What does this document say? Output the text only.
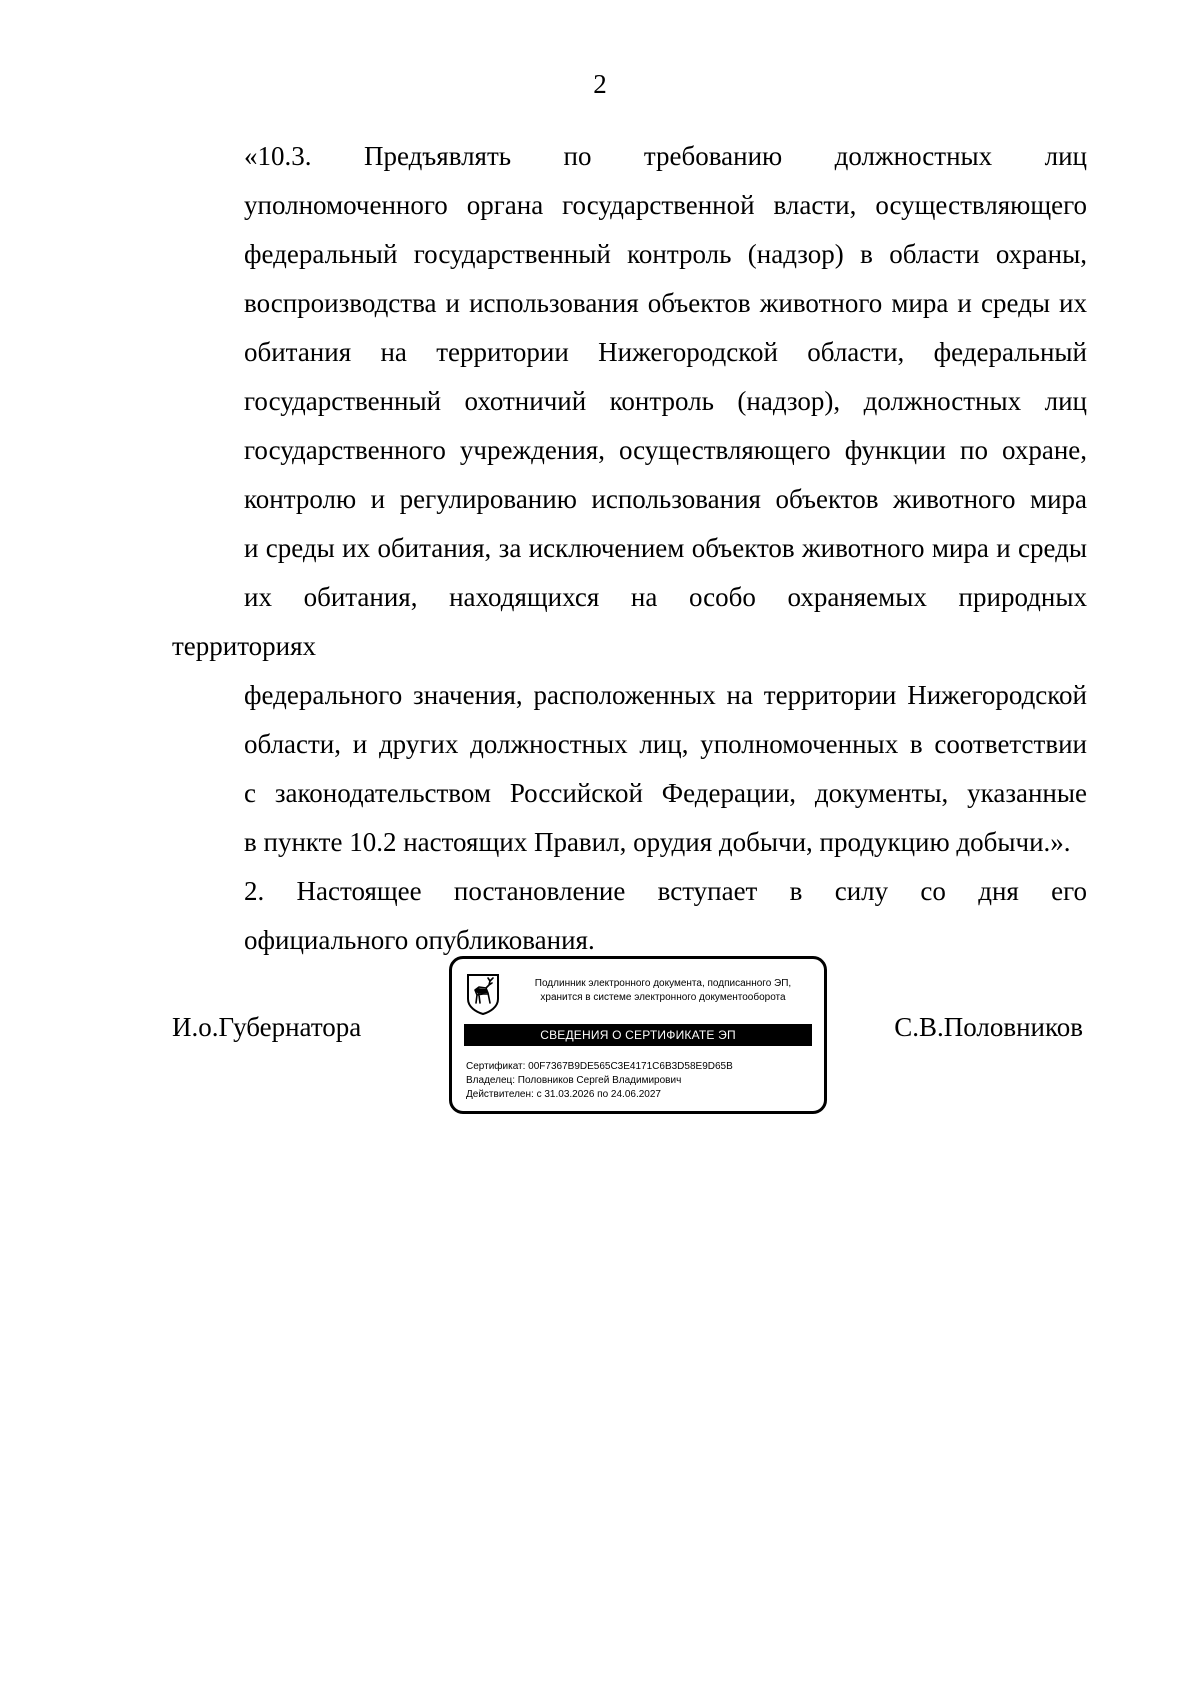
2

«10.3. Предъявлять по требованию должностных лиц
уполномоченного органа государственной власти, осуществляющего
федеральный государственный контроль (надзор) в области охраны,
воспроизводства и использования объектов животного мира и среды их
обитания на территории Нижегородской области, федеральный
государственный охотничий контроль (надзор), должностных лиц
государственного учреждения, осуществляющего функции по охране,
контролю и регулированию использования объектов животного мира
и среды их обитания, за исключением объектов животного мира и среды
их обитания, находящихся на особо охраняемых природных территориях
федерального значения, расположенных на территории Нижегородской
области, и других должностных лиц, уполномоченных в соответствии
с законодательством Российской Федерации, документы, указанные
в пункте 10.2 настоящих Правил, орудия добычи, продукцию добычи.».

2. Настоящее постановление вступает в силу со дня его
официального опубликования.

И.о.Губернатора
Подлинник электронного документа, подписанного ЭП,
хранится в системе электронного документооборота
СВЕДЕНИЯ О СЕРТИФИКАТЕ ЭП
Сертификат: 00F7367B9DE565C3E4171C6B3D58E9D65B
Владелец: Половников Сергей Владимирович
Действителен: с 31.03.2026 по 24.06.2027
С.В.Половников
